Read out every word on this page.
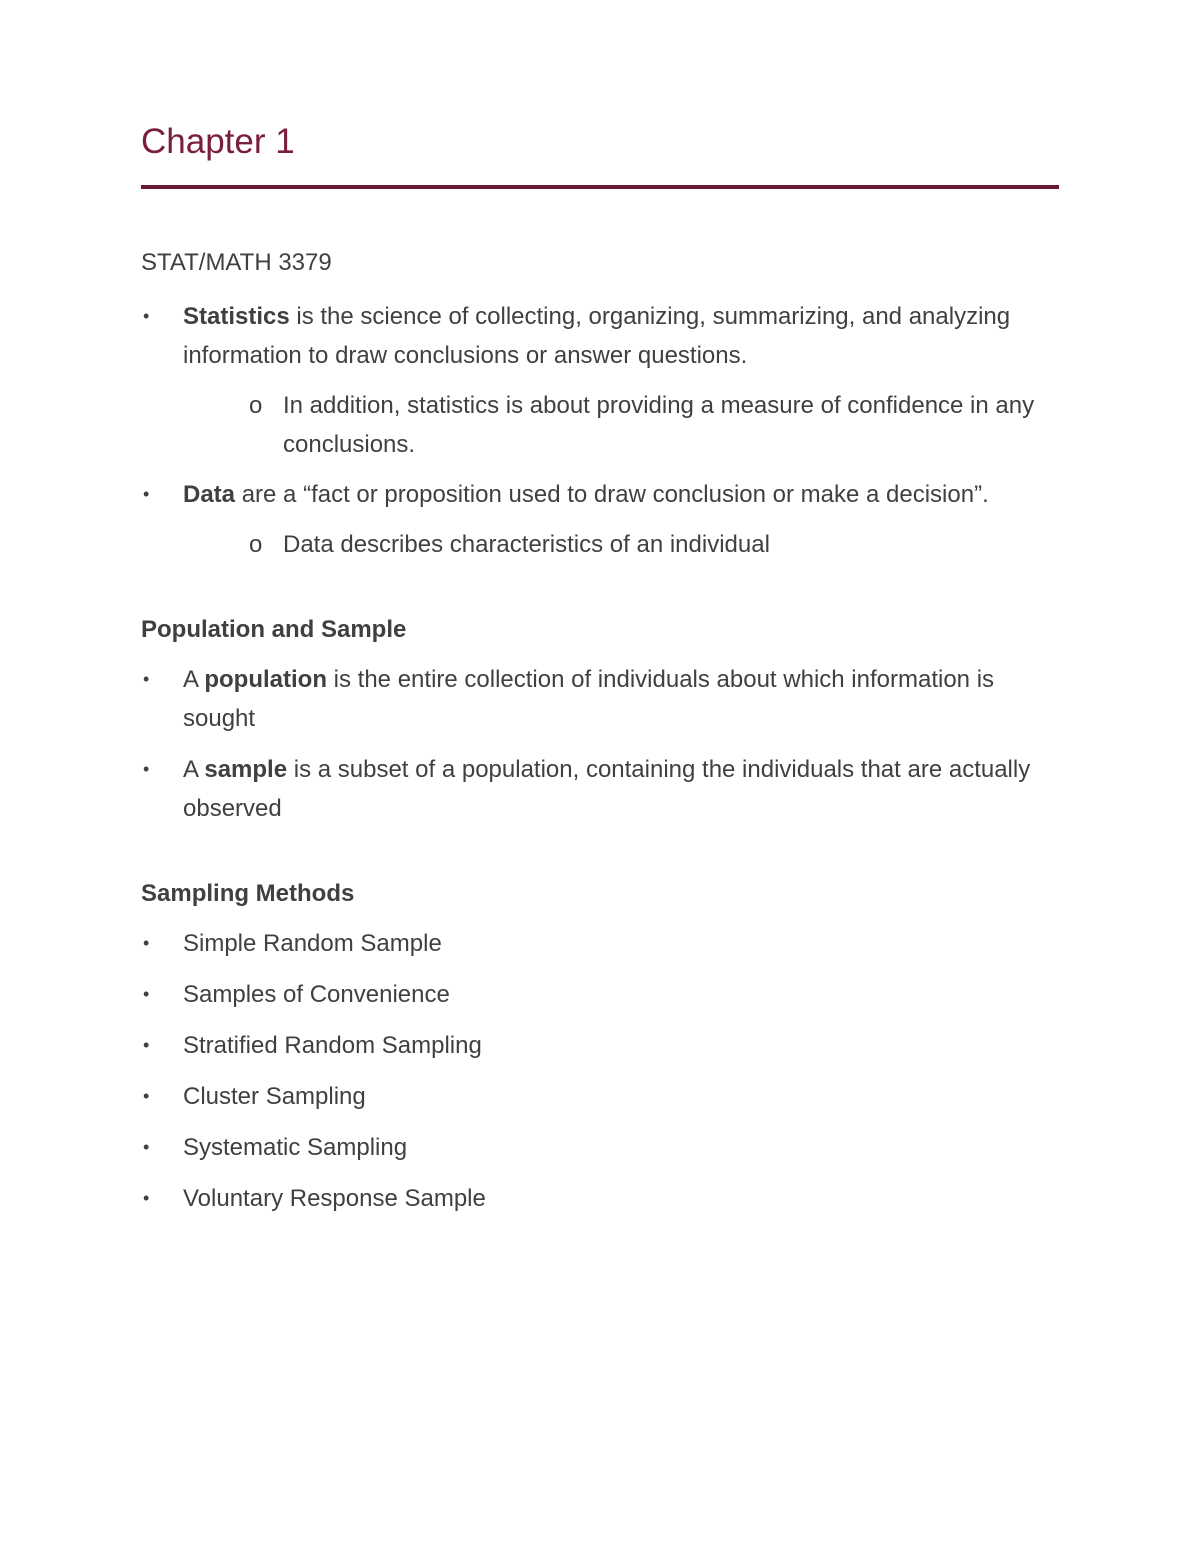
Chapter 1
STAT/MATH 3379
• Statistics is the science of collecting, organizing, summarizing, and analyzing information to draw conclusions or answer questions.
o In addition, statistics is about providing a measure of confidence in any conclusions.
• Data are a “fact or proposition used to draw conclusion or make a decision”.
o Data describes characteristics of an individual
Population and Sample
• A population is the entire collection of individuals about which information is sought
• A sample is a subset of a population, containing the individuals that are actually observed
Sampling Methods
• Simple Random Sample
• Samples of Convenience
• Stratified Random Sampling
• Cluster Sampling
• Systematic Sampling
• Voluntary Response Sample
